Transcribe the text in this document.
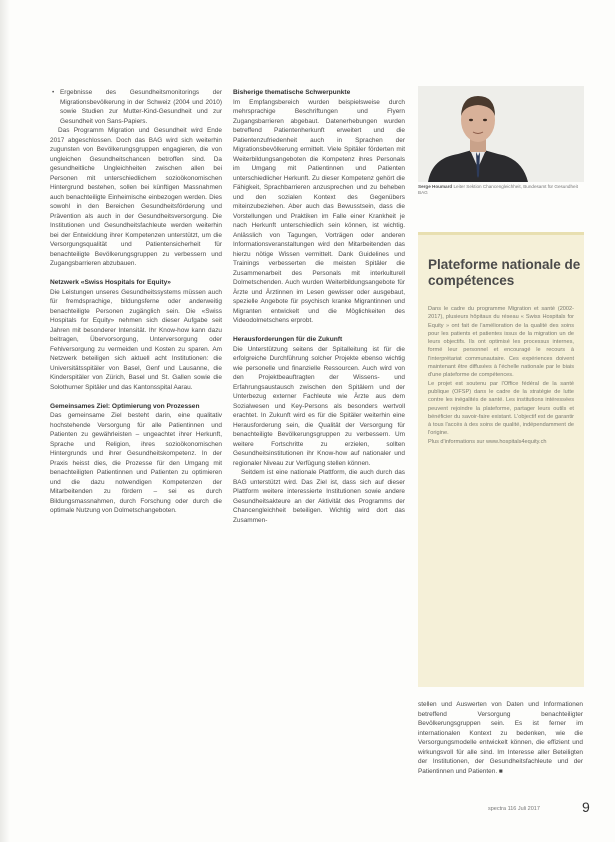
• Ergebnisse des Gesundheitsmonitorings der Migrationsbevölkerung in der Schweiz (2004 und 2010) sowie Studien zur Mutter-Kind-Gesundheit und zur Gesundheit von Sans-Papiers.

Das Programm Migration und Gesundheit wird Ende 2017 abgeschlossen. Doch das BAG wird sich weiterhin zugunsten von Bevölkerungsgruppen engagieren, die von ungleichen Gesundheitschancen betroffen sind. Da gesundheitliche Ungleichheiten zwischen allen bei Personen mit unterschiedlichem sozioökonomischen Hintergrund bestehen, sollen bei künftigen Massnahmen auch benachteiligte Einheimische einbezogen werden. Dies sowohl in den Bereichen Gesundheitsförderung und Prävention als auch in der Gesundheitsversorgung. Die Institutionen und Gesundheitsfachleute werden weiterhin bei der Entwicklung ihrer Kompetenzen unterstützt, um die Versorgungsqualität und Patientensicherheit für benachteiligte Bevölkerungsgruppen zu verbessern und Zugangsbarrieren abzubauen.

Netzwerk «Swiss Hospitals for Equity»

Die Leistungen unseres Gesundheitssystems müssen auch für fremdsprachige, bildungsferne oder anderweitig benachteiligte Personen zugänglich sein. Die «Swiss Hospitals for Equity» nehmen sich dieser Aufgabe seit Jahren mit besonderer Intensität. Ihr Know-how kann dazu beitragen, Übervorsorgung, Unterversorgung oder Fehlversorgung zu vermeiden und Kosten zu sparen. Am Netzwerk beteiligen sich aktuell acht Institutionen: die Universitätsspitäler von Basel, Genf und Lausanne, die Kinderspitäler von Zürich, Basel und St. Gallen sowie die Solothurner Spitäler und das Kantonsspital Aarau.

Gemeinsames Ziel: Optimierung von Prozessen

Das gemeinsame Ziel besteht darin, eine qualitativ hochstehende Versorgung für alle Patientinnen und Patienten zu gewährleisten – ungeachtet ihrer Herkunft, Sprache und Religion, ihres sozioökonomischen Hintergrunds und ihrer Gesundheitskompetenz. In der Praxis heisst dies, die Prozesse für den Umgang mit benachteiligten Patientinnen und Patienten zu optimieren und die dazu notwendigen Kompetenzen der Mitarbeitenden zu fördern – sei es durch Bildungsmassnahmen, durch Forschung oder durch die optimale Nutzung von Dolmetschangeboten.

Bisherige thematische Schwerpunkte

Im Empfangsbereich wurden beispielsweise durch mehrsprachige Beschriftungen und Flyern Zugangsbarrieren abgebaut. Datenerhebungen wurden betreffend Patientenherkunft erweitert und die Patientenzufriedenheit auch in Sprachen der Migrationsbevölkerung ermittelt. Viele Spitäler förderten mit Weiterbildungsangeboten die Kompetenz ihres Personals im Umgang mit Patientinnen und Patienten unterschiedlicher Herkunft. Zu dieser Kompetenz gehört die Fähigkeit, Sprachbarrieren anzusprechen und zu beheben und den sozialen Kontext des Gegenübers miteinzubeziehen. Aber auch das Bewusstsein, dass die Vorstellungen und Praktiken im Falle einer Krankheit je nach Herkunft unterschiedlich sein können, ist wichtig. Anlässlich von Tagungen, Vorträgen oder anderen Informationsveranstaltungen wird den Mitarbeitenden das hierzu nötige Wissen vermittelt. Dank Guidelines und Trainings verbesserten die meisten Spitäler die Zusammenarbeit des Personals mit interkulturell Dolmetschenden. Auch wurden Weiterbildungsangebote für Ärzte und Ärztinnen im Lesen gewisser oder ausgebaut, spezielle Angebote für psychisch kranke Migrantinnen und Migranten entwickelt und die Möglichkeiten des Videodolmetschens erprobt.

Herausforderungen für die Zukunft

Die Unterstützung seitens der Spitalleitung ist für die erfolgreiche Durchführung solcher Projekte ebenso wichtig wie personelle und finanzielle Ressourcen. Auch wird von den Projektbeauftragten der Wissens- und Erfahrungsaustausch zwischen den Spitälern und der Unterbezug externer Fachleute wie Ärzte aus dem Sozialwesen und Key-Persons als besonders wertvoll erachtet. In Zukunft wird es für die Spitäler weiterhin eine Herausforderung sein, die Qualität der Versorgung für benachteiligte Bevölkerungsgruppen zu verbessern. Um weitere Fortschritte zu erzielen, sollten Gesundheitsinstitutionen ihr Know-how auf nationaler und regionaler Niveau zur Verfügung stellen können.

Seitdem ist eine nationale Plattform, die auch durch das BAG unterstützt wird. Das Ziel ist, dass sich auf dieser Plattform weitere interessierte Institutionen sowie andere Gesundheitsakteure an der Aktivität des Programms der Chancengleichheit beteiligen. Wichtig wird dort das Zusammen-

Serge Houmard Leiter Sektion Chancengleichheit, Bundesamt für Gesundheit BAG
Plateforme nationale de compétences

Dans le cadre du programme Migration et santé (2002-2017), plusieurs hôpitaux du réseau « Swiss Hospitals for Equity » ont fait de l'amélioration de la qualité des soins pour les patients et patientes issus de la migration un de leurs objectifs. Ils ont optimisé les processus internes, formé leur personnel et encouragé le recours à l'interprétariat communautaire. Ces expériences doivent maintenant être diffusées à l'échelle nationale par le biais d'une plateforme de compétences.

Le projet est soutenu par l'Office fédéral de la santé publique (OFSP) dans le cadre de la stratégie de lutte contre les inégalités de santé. Les institutions intéressées peuvent rejoindre la plateforme, partager leurs outils et bénéficier du savoir-faire existant. L'objectif est de garantir à tous l'accès à des soins de qualité, indépendamment de l'origine.

Plus d'informations sur www.hospitals4equity.ch

stellen und Auswerten von Daten und Informationen betreffend Versorgung benachteiligter Bevölkerungsgruppen sein. Es ist ferner im internationalen Kontext zu bedenken, wie die Versorgungsmodelle entwickelt können, die effizient und wirkungsvoll für alle sind. Im Interesse aller Beteiligten der Institutionen, der Gesundheitsfachleute und der Patientinnen und Patienten. ■

spectra 116 Juli 2017	9
